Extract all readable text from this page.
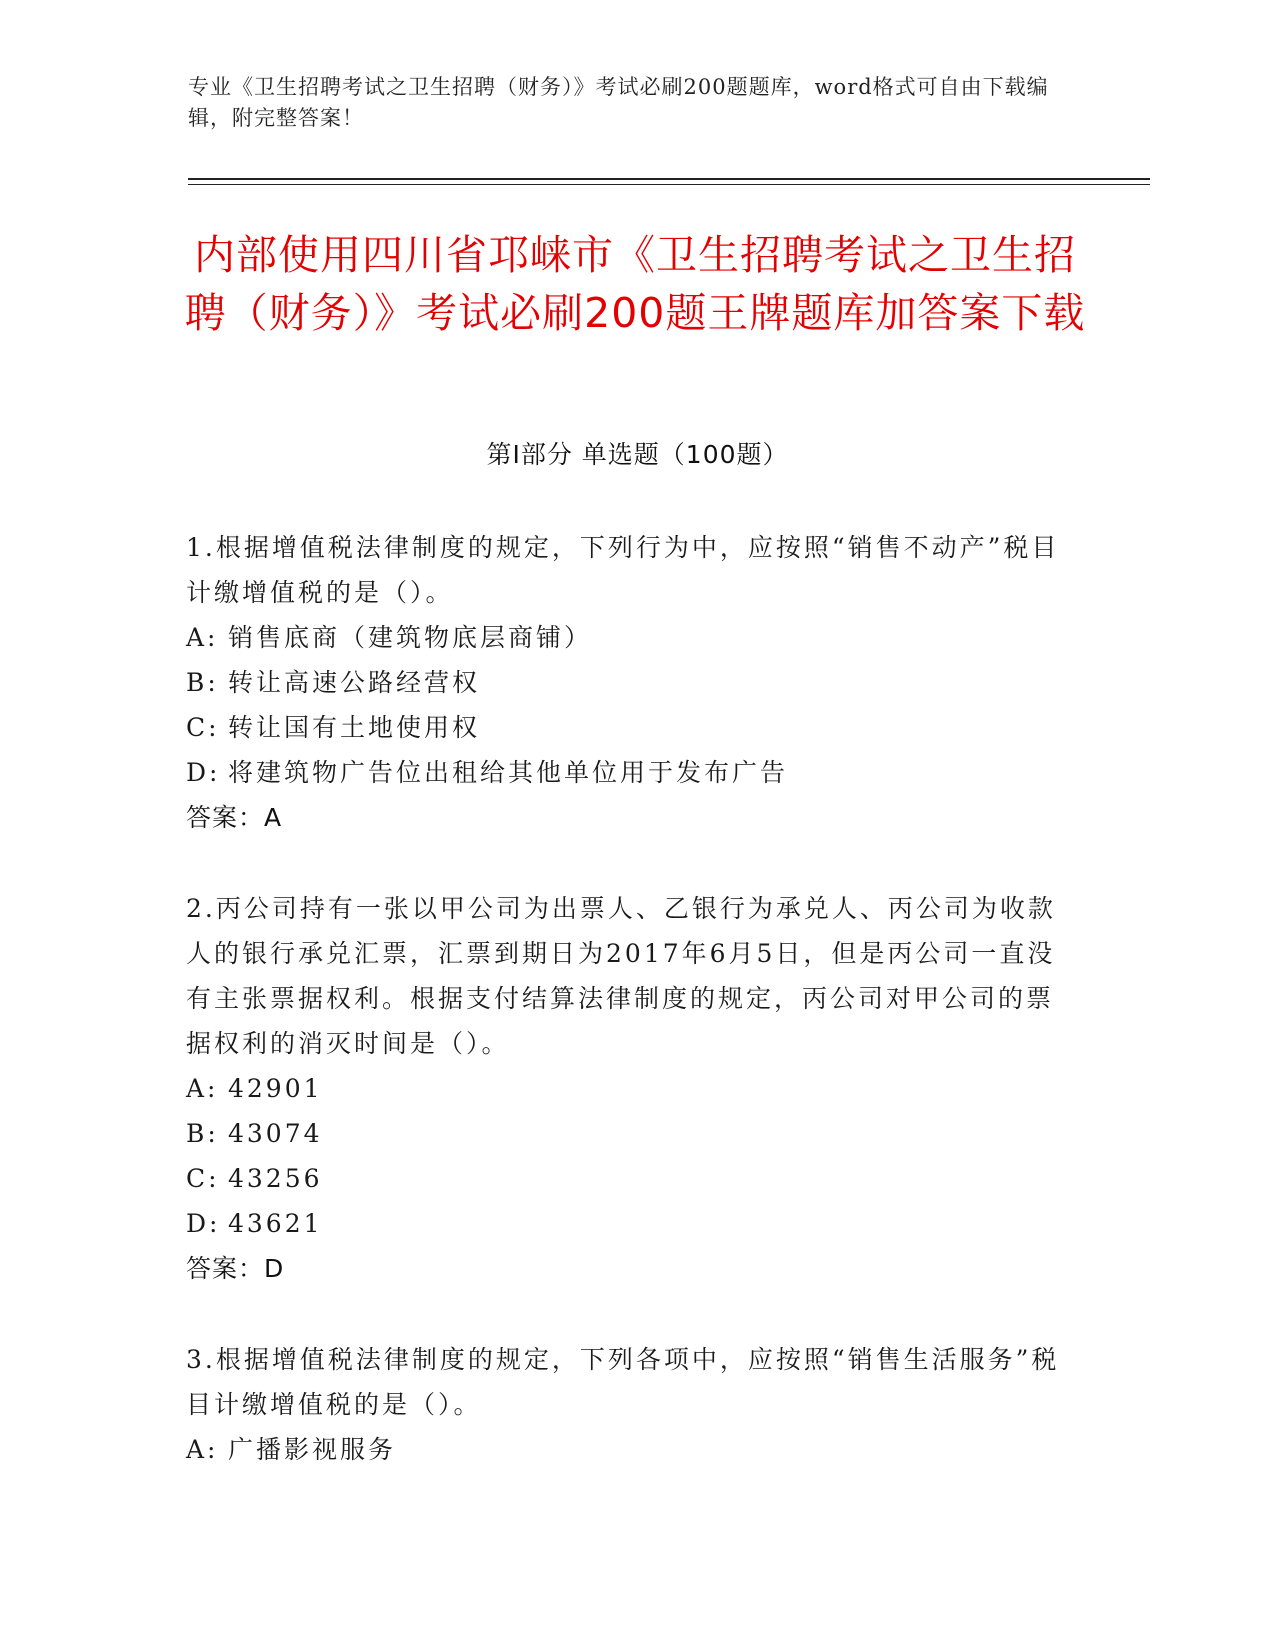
专业《卫生招聘考试之卫生招聘（财务）》考试必刷200题题库，word格式可自由下载编辑，附完整答案！
内部使用四川省邛崃市《卫生招聘考试之卫生招聘（财务）》考试必刷200题王牌题库加答案下载
第I部分 单选题（100题）
1.根据增值税法律制度的规定，下列行为中，应按照“销售不动产”税目计缴增值税的是（）。
A: 销售底商（建筑物底层商铺）
B: 转让高速公路经营权
C: 转让国有土地使用权
D: 将建筑物广告位出租给其他单位用于发布广告
答案：A
2.丙公司持有一张以甲公司为出票人、乙银行为承兑人、丙公司为收款人的银行承兑汇票，汇票到期日为2017年6月5日，但是丙公司一直没有主张票据权利。根据支付结算法律制度的规定，丙公司对甲公司的票据权利的消灭时间是（）。
A: 42901
B: 43074
C: 43256
D: 43621
答案：D
3.根据增值税法律制度的规定，下列各项中，应按照“销售生活服务”税目计缴增值税的是（）。
A: 广播影视服务
